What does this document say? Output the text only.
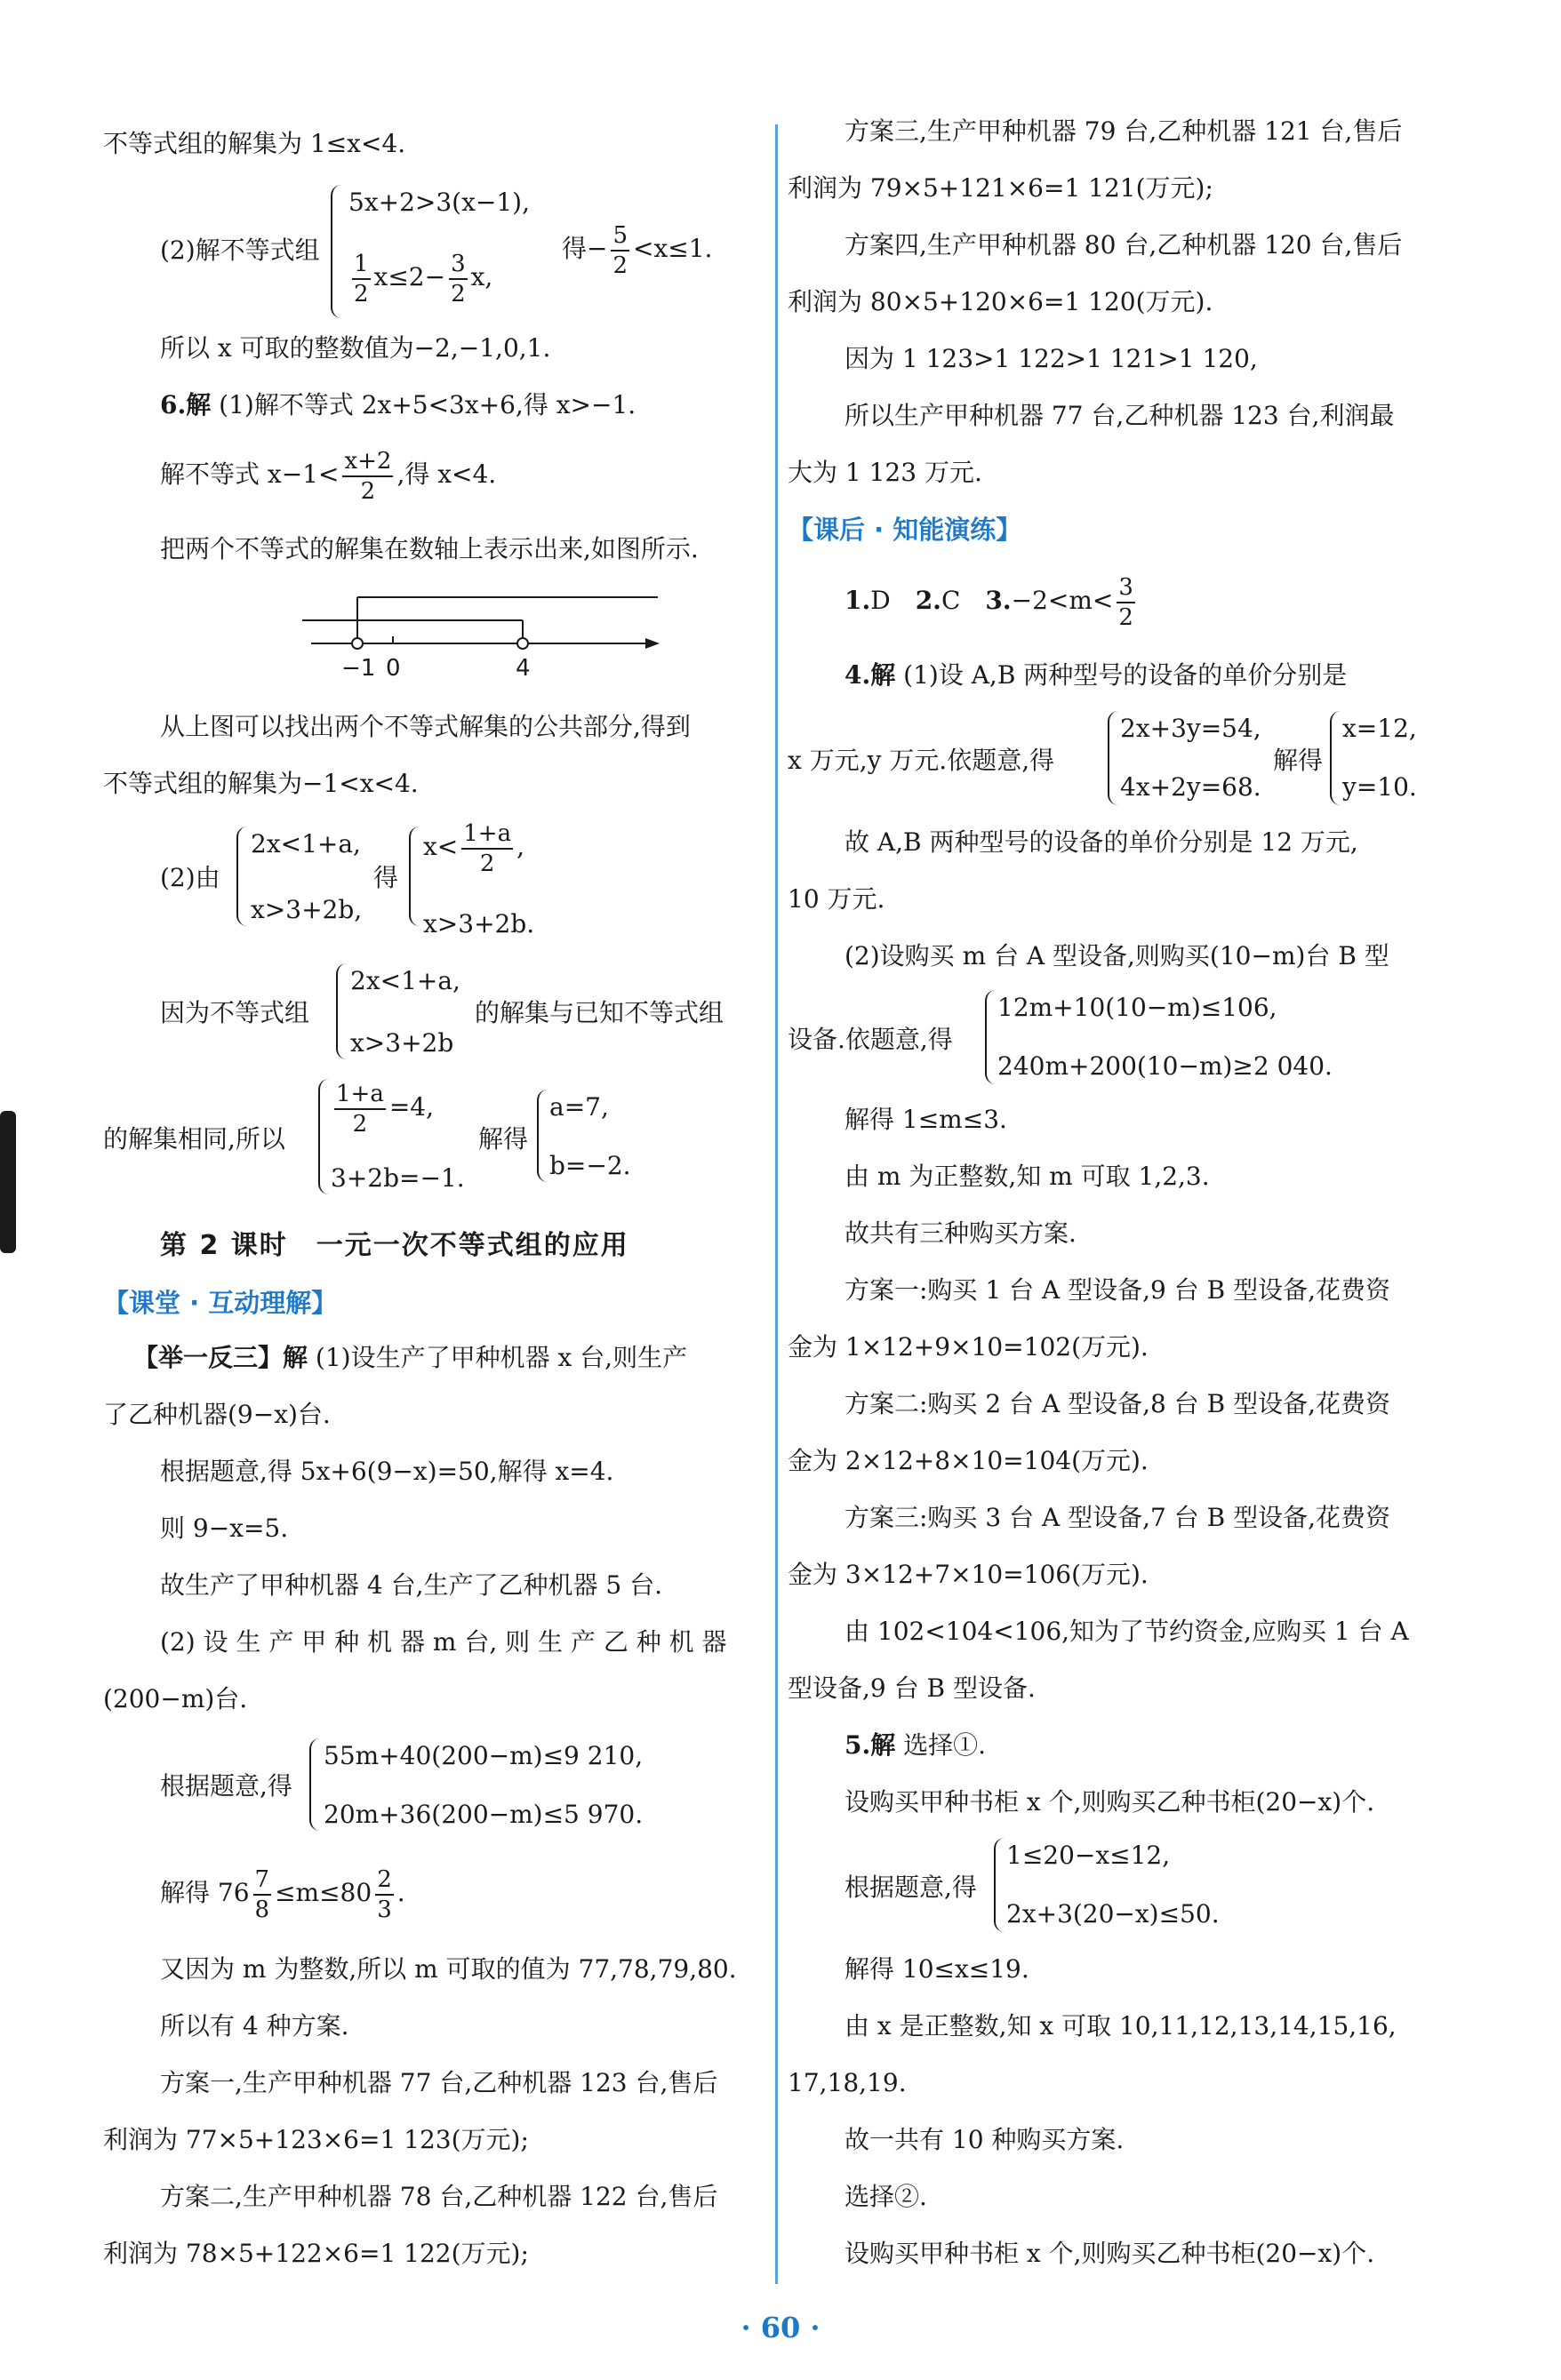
不等式组的解集为 1≤x<4.
(2)解不等式组
5x+2>3(x−1),
$\frac{1}{2} x\le 2- \frac{3}{2} x$,
得− $\frac{5}{2} <x\le 1$.
所以 x 可取的整数值为−2,−1,0,1.
6.解 (1)解不等式 2x+5<3x+6,得 x>−1.
解不等式 $x-1< \frac{x+2}{2}$ ,得 x<4.
把两个不等式的解集在数轴上表示出来,如图所示.
−1 0	4
从上图可以找出两个不等式解集的公共部分,得到
不等式组的解集为−1<x<4.
(2)由
2x<1+a,
x>3+2b,
得
$x< \frac{1+a}{2}$ ,
x>3+2b.
因为不等式组
2x<1+a,
x>3+2b
的解集与已知不等式组
的解集相同,所以
$\frac{1+a}{2} =4$,
3+2b=−1.
解得
a=7,
b=−2.
第 2 课时　一元一次不等式组的应用
【课堂 · 互动理解】
【举一反三】解 (1)设生产了甲种机器 x 台,则生产
了乙种机器(9−x)台.
根据题意,得 5x+6(9−x)=50,解得 x=4.
则 9−x=5.
故生产了甲种机器 4 台,生产了乙种机器 5 台.
(2) 设 生 产 甲 种 机 器 m 台, 则 生 产 乙 种 机 器
(200−m)台.
根据题意,得
55m+40(200−m)≤9 210,
20m+36(200−m)≤5 970.
解得 $76 \frac{7}{8} \le m\le 80 \frac{2}{3}$ .
又因为 m 为整数,所以 m 可取的值为 77,78,79,80.
所以有 4 种方案.
方案一,生产甲种机器 77 台,乙种机器 123 台,售后
利润为 77×5+123×6=1 123(万元);
方案二,生产甲种机器 78 台,乙种机器 122 台,售后
利润为 78×5+122×6=1 122(万元);
方案三,生产甲种机器 79 台,乙种机器 121 台,售后
利润为 79×5+121×6=1 121(万元);
方案四,生产甲种机器 80 台,乙种机器 120 台,售后
利润为 80×5+120×6=1 120(万元).
因为 1 123>1 122>1 121>1 120,
所以生产甲种机器 77 台,乙种机器 123 台,利润最
大为 1 123 万元.
【课后 · 知能演练】
1.D　 2.C　 $3.-2<m< \frac{3}{2}$
4.解 (1)设 A,B 两种型号的设备的单价分别是
x 万元,y 万元.依题意,得
2x+3y=54,
4x+2y=68.
解得
x=12,
y=10.
故 A,B 两种型号的设备的单价分别是 12 万元,
10 万元.
(2)设购买 m 台 A 型设备,则购买(10−m)台 B 型
设备.依题意,得
12m+10(10−m)≤106,
240m+200(10−m)≥2 040.
解得 1≤m≤3.
由 m 为正整数,知 m 可取 1,2,3.
故共有三种购买方案.
方案一:购买 1 台 A 型设备,9 台 B 型设备,花费资
金为 1×12+9×10=102(万元).
方案二:购买 2 台 A 型设备,8 台 B 型设备,花费资
金为 2×12+8×10=104(万元).
方案三:购买 3 台 A 型设备,7 台 B 型设备,花费资
金为 3×12+7×10=106(万元).
由 102<104<106,知为了节约资金,应购买 1 台 A
型设备,9 台 B 型设备.
5.解 选择①.
设购买甲种书柜 x 个,则购买乙种书柜(20−x)个.
根据题意,得
1≤20−x≤12,
2x+3(20−x)≤50.
解得 10≤x≤19.
由 x 是正整数,知 x 可取 10,11,12,13,14,15,16,
17,18,19.
故一共有 10 种购买方案.
选择②.
设购买甲种书柜 x 个,则购买乙种书柜(20−x)个.
· 60 ·
